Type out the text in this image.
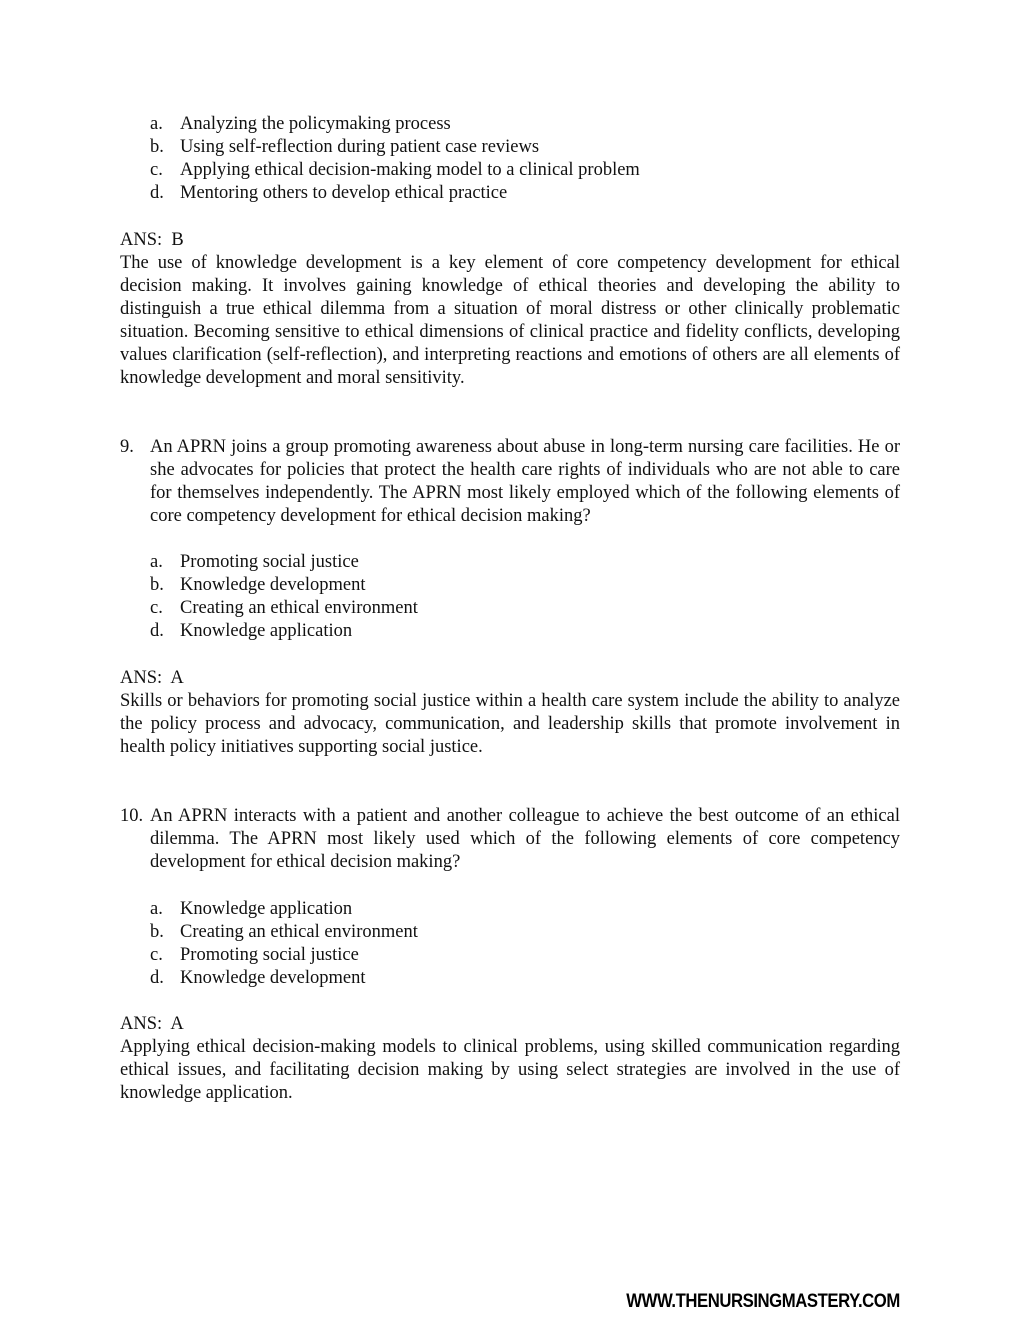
a. Analyzing the policymaking process
b. Using self-reflection during patient case reviews
c. Applying ethical decision-making model to a clinical problem
d. Mentoring others to develop ethical practice
ANS:  B
The use of knowledge development is a key element of core competency development for ethical decision making. It involves gaining knowledge of ethical theories and developing the ability to distinguish a true ethical dilemma from a situation of moral distress or other clinically problematic situation. Becoming sensitive to ethical dimensions of clinical practice and fidelity conflicts, developing values clarification (self-reflection), and interpreting reactions and emotions of others are all elements of knowledge development and moral sensitivity.
9. An APRN joins a group promoting awareness about abuse in long-term nursing care facilities. He or she advocates for policies that protect the health care rights of individuals who are not able to care for themselves independently. The APRN most likely employed which of the following elements of core competency development for ethical decision making?
a. Promoting social justice
b. Knowledge development
c. Creating an ethical environment
d. Knowledge application
ANS:  A
Skills or behaviors for promoting social justice within a health care system include the ability to analyze the policy process and advocacy, communication, and leadership skills that promote involvement in health policy initiatives supporting social justice.
10. An APRN interacts with a patient and another colleague to achieve the best outcome of an ethical dilemma. The APRN most likely used which of the following elements of core competency development for ethical decision making?
a. Knowledge application
b. Creating an ethical environment
c. Promoting social justice
d. Knowledge development
ANS:  A
Applying ethical decision-making models to clinical problems, using skilled communication regarding ethical issues, and facilitating decision making by using select strategies are involved in the use of knowledge application.
WWW.THENURSINGMASTERY.COM
